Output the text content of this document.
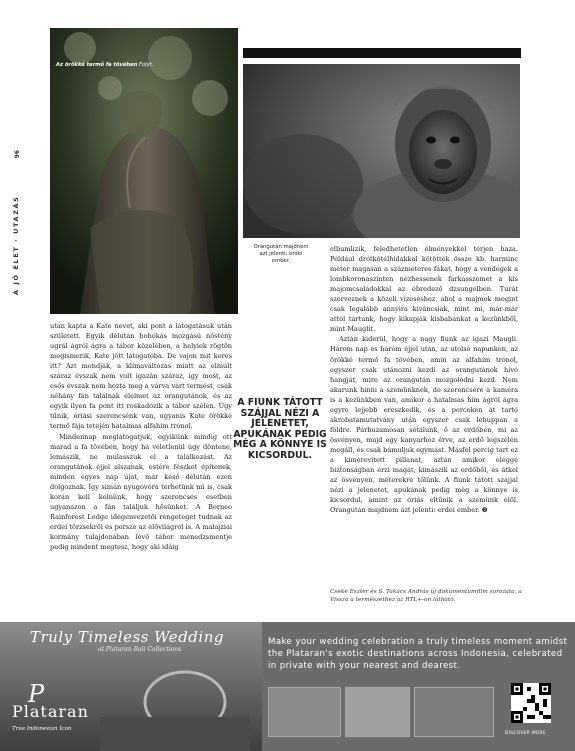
96
A JÓ ÉLET · UTAZÁS
Az örökké termő fa tövében Folyt.
Orangután majdnem azt jelenti: erdei ember.
A FIUNK TÁTOTT SZÁJJAL NÉZI A JELENETET, APUKÁNAK PEDIG MÉG A KÖNNYE IS KICSORDUL.

után kapta a Kate nevet, aki pont a látogatásuk után született. Egyik délután bohókás mozgású nőstény ugrál ágról ágra a tábor közelében, a helyiek rögtön megismerik, Kate jött látogatóba. De vajon mit keres itt? Azt mondják, a klímaváltozás miatt az elmúlt száraz évszak nem volt igazán száraz, így most, az esős évszak nem hozta meg a várva várt termést, csak néhány fán találnak élelmet az orangutánok, és az egyik ilyen fa pont itt roskadozik a tábor szélén. Úgy tűnik, óriási szerencsénk van, ugyanis Kate örökké termő fája tetején hatalmas alfahím trónol.

Mindennap meglátogatjuk, egyikünk mindig ott marad a fa tövében, hogy ha véletlenül úgy döntene, lemászik, ne mulasszuk el a találkozást. Az orangutánok éjjel alszanak, estére fészket építenek, minden egyes nap újat, már késő délután ezen dolgoznak. Így simán nyugovóra térhetünk mi is, csak korán kell kelnünk, hogy szerencsés esetben ugyanazon a fán találjuk hősünket. A Borneo Rainforest Lodge idegenvezetői rengeteget tudnak az erdei törzsekről és persze az élővilágról is. A malajziai kormány tulajdonában lévő tábor menedzsmentje pedig mindent megtesz, hogy aki idáig

elbumlizik, feledhetetlen élményekkel térjen haza. Például drótkötélhidakkal kötötték össze kb. harminc méter magasan a százméteres fákat, hogy a vendégek a lombkoronaszinten nézhessenek farkasszemet a kis majomcsaládokkal az ébredező dzsungelben. Túrát szerveznek a közeli vízeséshez, ahol a majmok megint csak legalább annyira kíváncsiak, mint mi, már-már attól tartunk, hogy kikapják kisbabánkat a kezünkből, mint Mauglit.

Aztán kiderül, hogy a nagy fiunk az igazi Maugli. Három nap és három éjjel után, az utolsó napunkon, az örökké termő fa tövében, amin az alfahím trónol, egyszer csak utánozni kezdi az orangutánok hívó hangját, mire az orangután mozgolódni kezd. Nem akarunk hinni a szemünknek, de szerencsére a kamera is a kezünkben van, amikor a hatalmas hím ágról ágra egyre lejjebb ereszkedik, és a perceken át tartó akrobatamutatvány után egyszer csak lehuppan a földre. Párbuzamosan sétálunk, ő az erdőben, mi az ösvényen, majd egy kanyarhoz érve, az erdő legszélén megáll, és csak bámuljuk egymást. Másfél percig tart ez a kimerevített pillanat, aztán amikor eléggé biztonságban érzi magát, kimászik az erdőből, és átkel az ösvényen, méterekre tőlünk. A fiunk tátott szájjal nézi a jelenetet, apukának pedig még a könnye is kicsordul, amint az óriás eltűnik a szemünk elől. Orangután majdnem azt jelenti: erdei ember. ❷

Cseke Eszter és S. Takács András új dokumentumfilm sorozata, a Vissza a természethez az RTL+-on látható.
Truly Timeless Wedding
at Plataran Bali Collections
P
Plataran
True Indonesian Icon
Make your wedding celebration a truly timeless moment amidst the Plataran's exotic destinations across Indonesia, celebrated in private with your nearest and dearest.
DISCOVER MORE
